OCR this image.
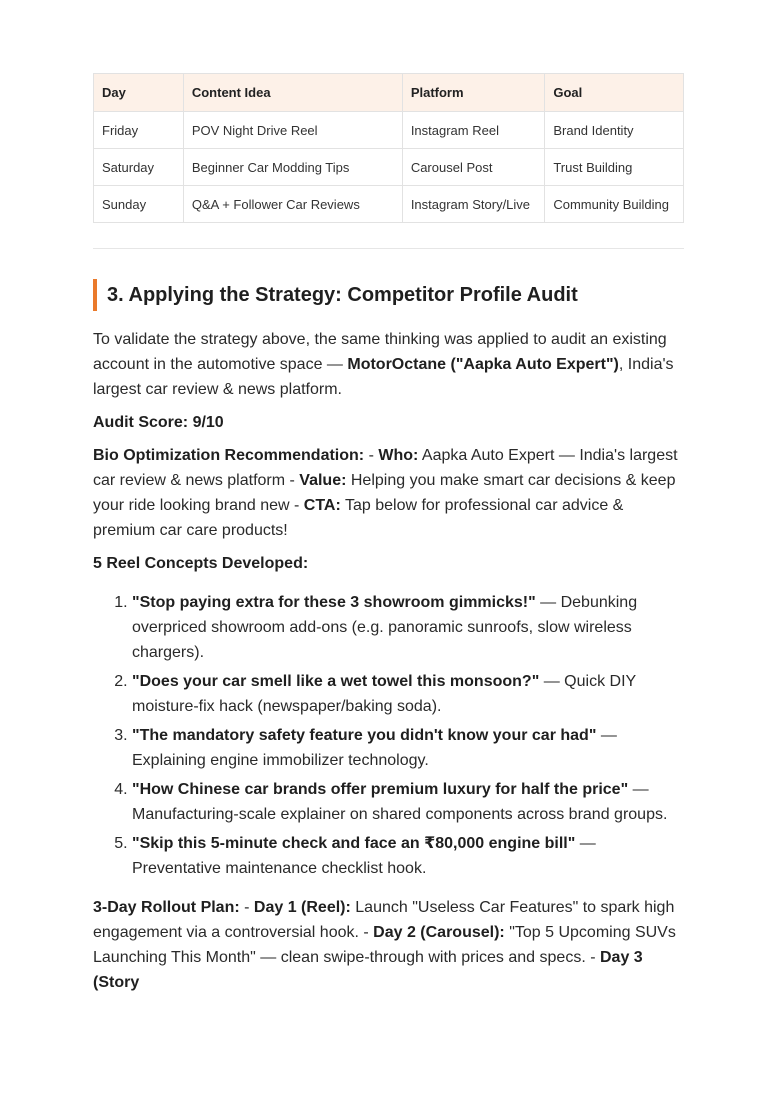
Day	Content Idea	Platform	Goal
Friday	POV Night Drive Reel	Instagram Reel	Brand Identity
Saturday	Beginner Car Modding Tips	Carousel Post	Trust Building
Sunday	Q&A + Follower Car Reviews	Instagram Story/Live	Community Building
3. Applying the Strategy: Competitor Profile Audit

To validate the strategy above, the same thinking was applied to audit an existing account in the automotive space — MotorOctane ("Aapka Auto Expert"), India's largest car review & news platform.

Audit Score: 9/10

Bio Optimization Recommendation: - Who: Aapka Auto Expert — India's largest car review & news platform - Value: Helping you make smart car decisions & keep your ride looking brand new - CTA: Tap below for professional car advice & premium car care products!

5 Reel Concepts Developed:

1. "Stop paying extra for these 3 showroom gimmicks!" — Debunking overpriced showroom add-ons (e.g. panoramic sunroofs, slow wireless chargers).
2. "Does your car smell like a wet towel this monsoon?" — Quick DIY moisture-fix hack (newspaper/baking soda).
3. "The mandatory safety feature you didn't know your car had" — Explaining engine immobilizer technology.
4. "How Chinese car brands offer premium luxury for half the price" — Manufacturing-scale explainer on shared components across brand groups.
5. "Skip this 5-minute check and face an ₹80,000 engine bill" — Preventative maintenance checklist hook.

3-Day Rollout Plan: - Day 1 (Reel): Launch "Useless Car Features" to spark high engagement via a controversial hook. - Day 2 (Carousel): "Top 5 Upcoming SUVs Launching This Month" — clean swipe-through with prices and specs. - Day 3 (Story
